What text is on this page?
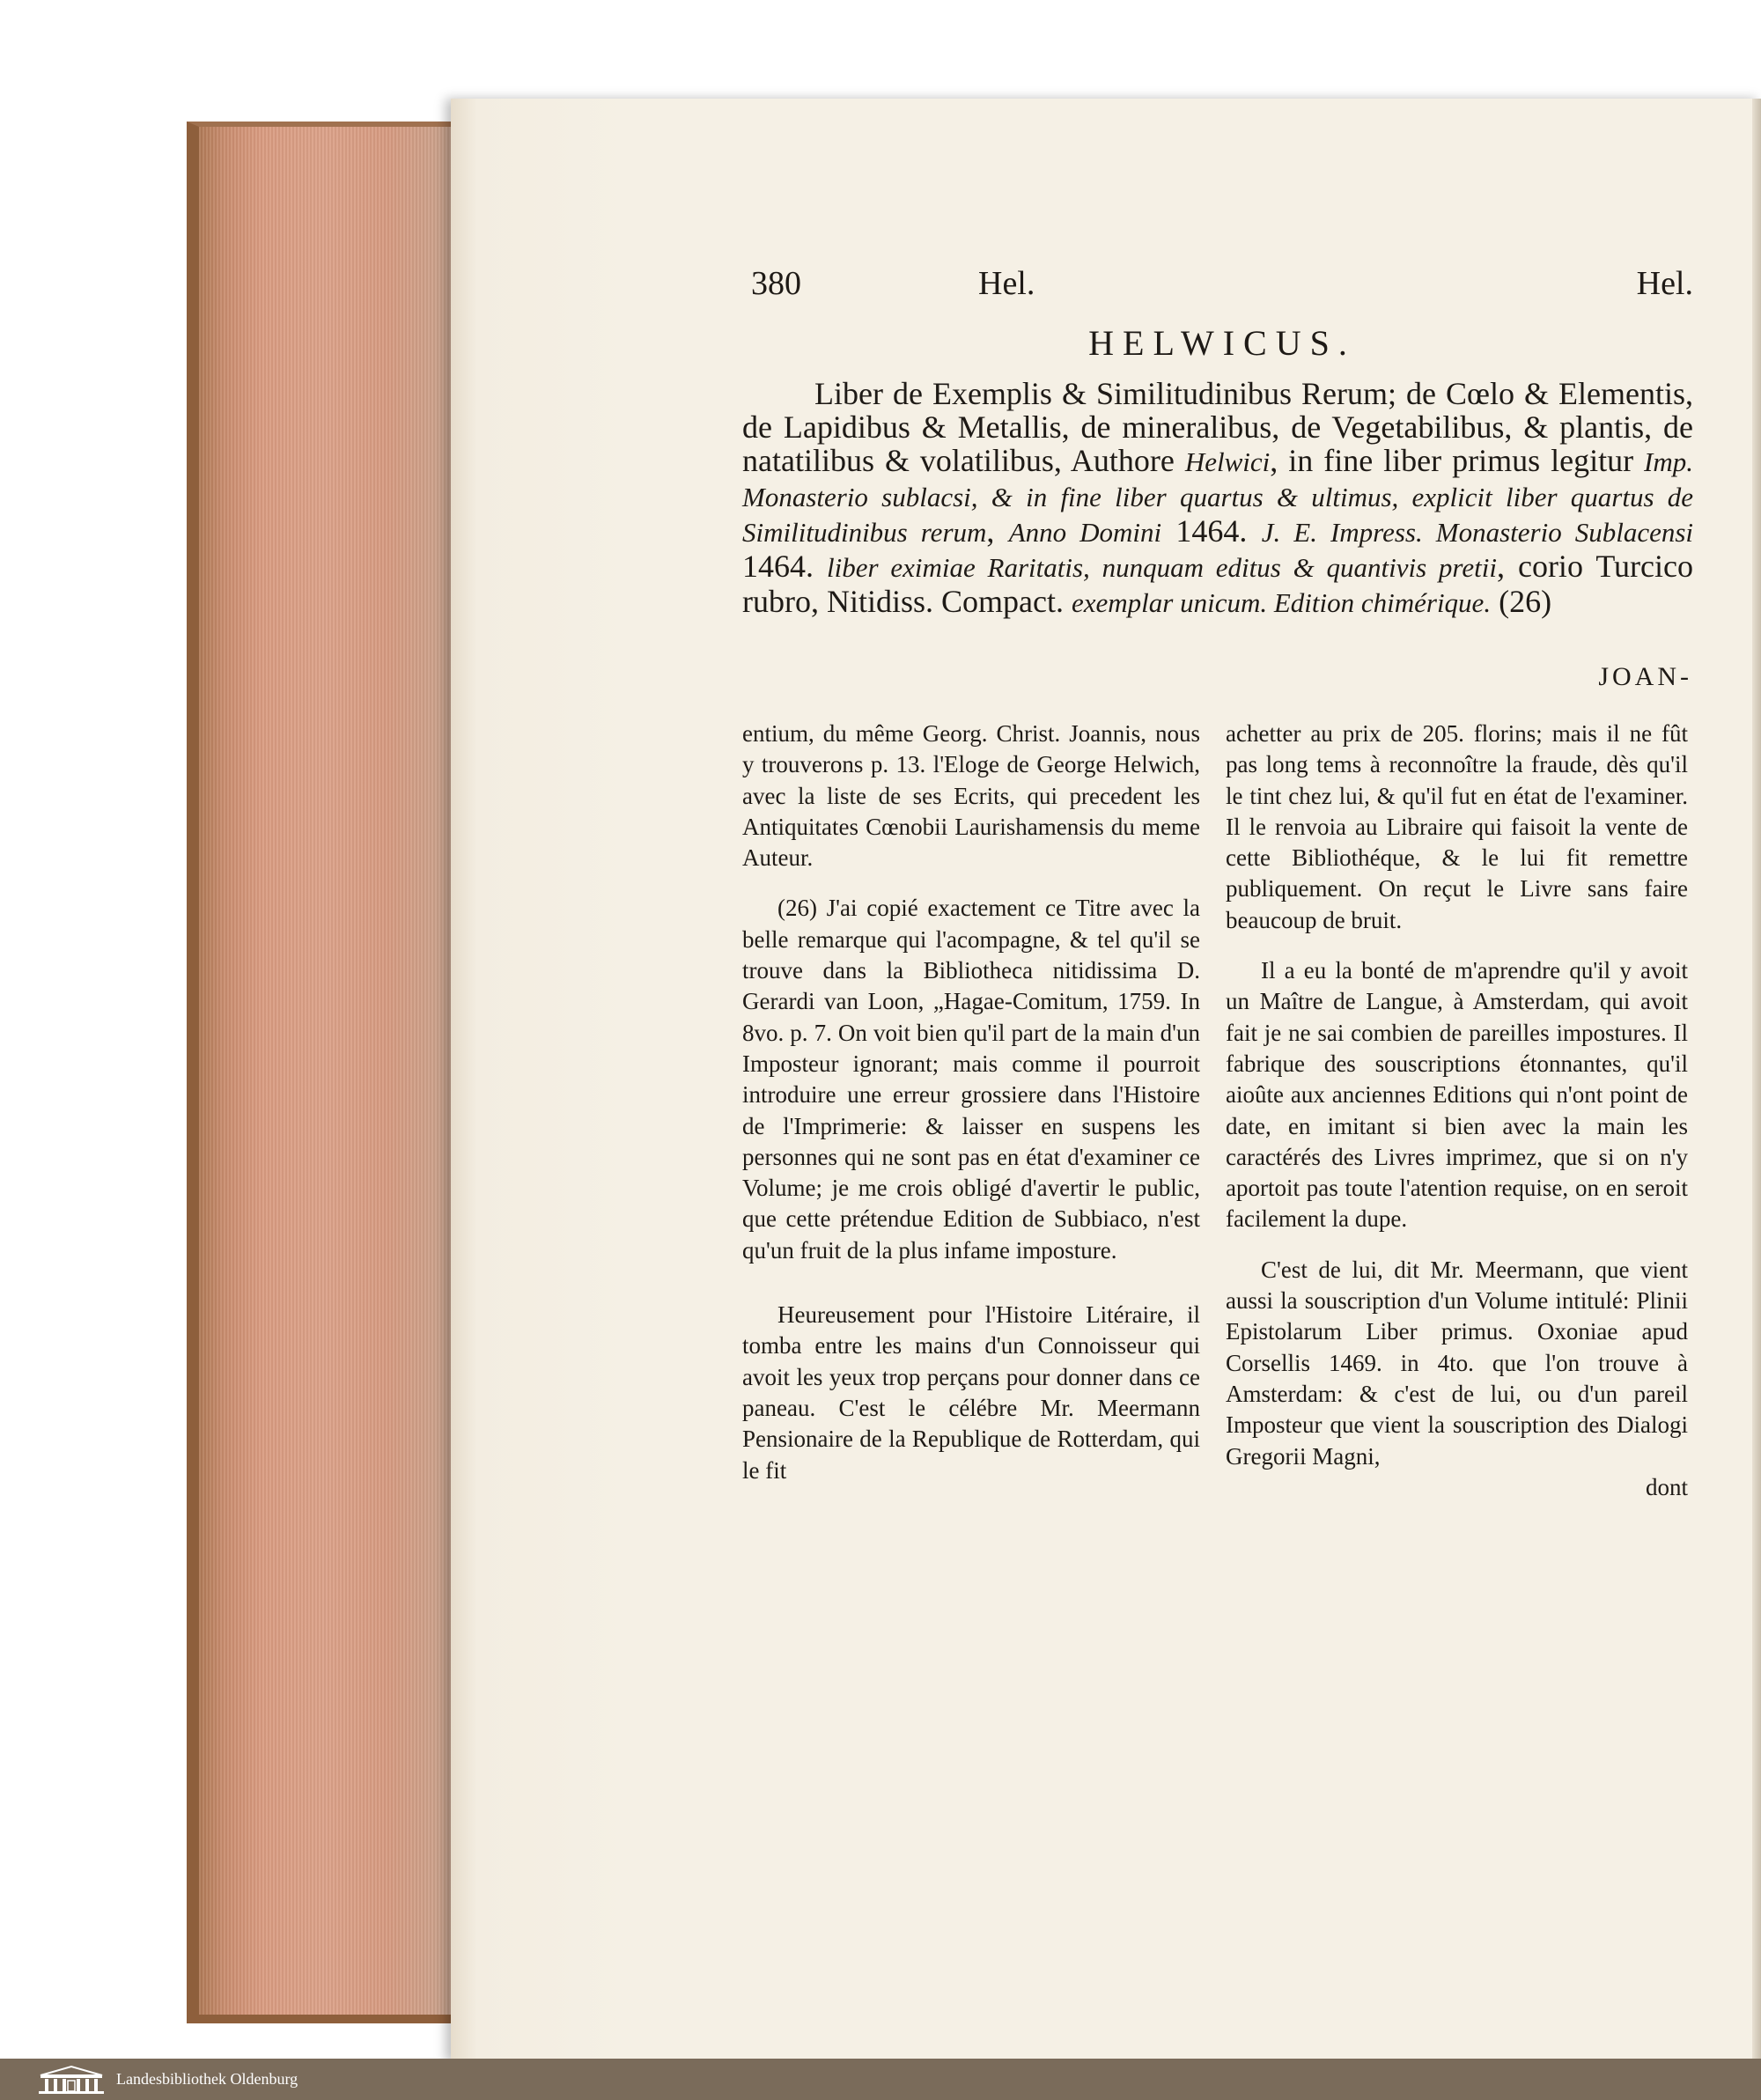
380	Hel.	Hel.
HELWICUS.

Liber de Exemplis & Similitudinibus Rerum; de Cœlo & Elementis, de Lapidibus & Metallis, de mineralibus, de Vegetabilibus, & plantis, de natatilibus & volatilibus, Authore Helwici, in fine liber primus legitur Imp. Monasterio sublacsi, & in fine liber quartus & ultimus, explicit liber quartus de Similitudinibus rerum, Anno Domini 1464. J. E. Impress. Monasterio Sublacensi 1464. liber eximiae Raritatis, nunquam editus & quantivis pretii, corio Turcico rubro, Nitidiss. Compact. exemplar unicum. Edition chimérique. (26)

JOAN-

entium, du même Georg. Christ. Joannis, nous y trouverons p. 13. l'Eloge de George Helwich, avec la liste de ses Ecrits, qui precedent les Antiquitates Cœnobii Laurishamensis du meme Auteur.

(26) J'ai copié exactement ce Titre avec la belle remarque qui l'acompagne, & tel qu'il se trouve dans la Bibliotheca nitidissima D. Gerardi van Loon, „Hagae-Comitum, 1759. In 8vo. p. 7. On voit bien qu'il part de la main d'un Imposteur ignorant; mais comme il pourroit introduire une erreur grossiere dans l'Histoire de l'Imprimerie: & laisser en suspens les personnes qui ne sont pas en état d'examiner ce Volume; je me crois obligé d'avertir le public, que cette prétendue Edition de Subbiaco, n'est qu'un fruit de la plus infame imposture.

Heureusement pour l'Histoire Litéraire, il tomba entre les mains d'un Connoisseur qui avoit les yeux trop perçans pour donner dans ce paneau. C'est le célébre Mr. Meermann Pensionaire de la Republique de Rotterdam, qui le fit

achetter au prix de 205. florins; mais il ne fût pas long tems à reconnoître la fraude, dès qu'il le tint chez lui, & qu'il fut en état de l'examiner. Il le renvoia au Libraire qui faisoit la vente de cette Bibliothéque, & le lui fit remettre publiquement. On reçut le Livre sans faire beaucoup de bruit.

Il a eu la bonté de m'aprendre qu'il y avoit un Maître de Langue, à Amsterdam, qui avoit fait je ne sai combien de pareilles impostures. Il fabrique des souscriptions étonnantes, qu'il aioûte aux anciennes Editions qui n'ont point de date, en imitant si bien avec la main les caractérés des Livres imprimez, que si on n'y aportoit pas toute l'atention requise, on en seroit facilement la dupe.

C'est de lui, dit Mr. Meermann, que vient aussi la souscription d'un Volume intitulé: Plinii Epistolarum Liber primus. Oxoniae apud Corsellis 1469. in 4to. que l'on trouve à Amsterdam: & c'est de lui, ou d'un pareil Imposteur que vient la souscription des Dialogi Gregorii Magni,

dont

Landesbibliothek Oldenburg
